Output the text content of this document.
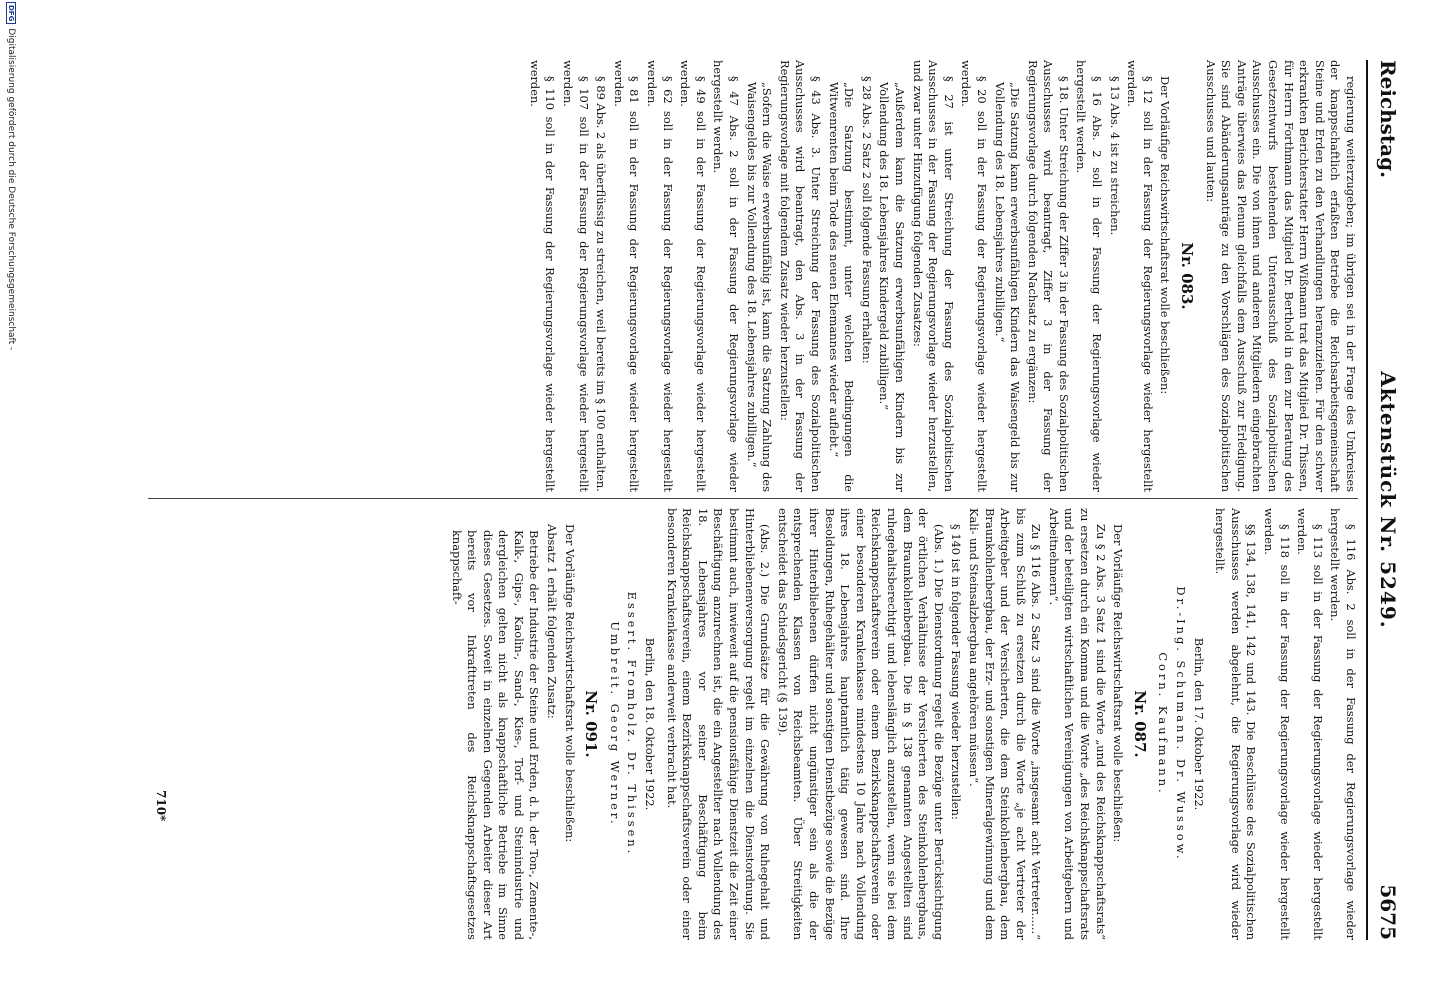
Reichstag.
Aktenstück Nr. 5249.
5675

regierung weiterzugeben; im übrigen sei in der Frage des Umkreises der knappschaftlich erfaßten Betriebe die Reichsarbeitsgemeinschaft Steine und Erden zu den Verhandlungen heranzuziehen. Für den schwer erkrankten Berichterstatter Herrn Wißmann trat das Mitglied Dr. Thissen, für Herrn Forthmann das Mitglied Dr. Berthold in den zur Beratung des Gesetzentwurfs bestehenden Unterausschuß des Sozialpolitischen Ausschusses ein. Die von ihnen und anderen Mitgliedern eingebrachten Anträge überwies das Plenum gleichfalls dem Ausschuß zur Erledigung. Sie sind Abänderungsanträge zu den Vorschlägen des Sozialpolitischen Ausschusses und lauten:

Nr. 083.

Der Vorläufige Reichswirtschaftsrat wolle beschließen:

§ 12 soll in der Fassung der Regierungsvorlage wieder hergestellt werden.

§ 13 Abs. 4 ist zu streichen.

§ 16 Abs. 2 soll in der Fassung der Regierungsvorlage wieder hergestellt werden.

§ 18. Unter Streichung der Ziffer 3 in der Fassung des Sozialpolitischen Ausschusses wird beantragt, Ziffer 3 in der Fassung der Regierungsvorlage durch folgenden Nachsatz zu ergänzen:

„Die Satzung kann erwerbsunfähigen Kindern das Waisengeld bis zur Vollendung des 18. Lebensjahres zubilligen.“

§ 20 soll in der Fassung der Regierungsvorlage wieder hergestellt werden.

§ 27 ist unter Streichung der Fassung des Sozialpolitischen Ausschusses in der Fassung der Regierungsvorlage wieder herzustellen, und zwar unter Hinzufügung folgenden Zusatzes:

„Außerdem kann die Satzung erwerbsunfähigen Kindern bis zur Vollendung des 18. Lebensjahres Kindergeld zubilligen.“

§ 28 Abs. 2 Satz 2 soll folgende Fassung erhalten:

„Die Satzung bestimmt, unter welchen Bedingungen die Witwenrenten beim Tode des neuen Ehemannes wieder auflebt.“

§ 43 Abs. 3. Unter Streichung der Fassung des Sozialpolitischen Ausschusses wird beantragt, den Abs. 3 in der Fassung der Regierungsvorlage mit folgendem Zusatz wieder herzustellen:

„Sofern die Waise erwerbsunfähig ist, kann die Satzung Zahlung des Waisengeldes bis zur Vollendung des 18. Lebensjahres zubilligen.“

§ 47 Abs. 2 soll in der Fassung der Regierungsvorlage wieder hergestellt werden.

§ 49 soll in der Fassung der Regierungsvorlage wieder hergestellt werden.

§ 62 soll in der Fassung der Regierungsvorlage wieder hergestellt werden.

§ 81 soll in der Fassung der Regierungsvorlage wieder hergestellt werden.

§ 89 Abs. 2 als überflüssig zu streichen, weil bereits im § 100 enthalten.

§ 107 soll in der Fassung der Regierungsvorlage wieder hergestellt werden.

§ 110 soll in der Fassung der Regierungsvorlage wieder hergestellt werden.

§ 116 Abs. 2 soll in der Fassung der Regierungsvorlage wieder hergestellt werden.

§ 113 soll in der Fassung der Regierungsvorlage wieder hergestellt werden.

§ 118 soll in der Fassung der Regierungsvorlage wieder hergestellt werden.

§§ 134, 138, 141, 142 und 143. Die Beschlüsse des Sozialpolitischen Ausschusses werden abgelehnt, die Regierungsvorlage wird wieder hergestellt.

Berlin, den 17. Oktober 1922.

Dr.-Ing. Schumann. Dr. Wussow.

Corn. Kaufmann.

Nr. 087.

Der Vorläufige Reichswirtschaftsrat wolle beschließen:

Zu § 2 Abs. 3 Satz 1 sind die Worte „und des Reichsknappschaftsrats“ zu ersetzen durch ein Komma und die Worte „des Reichsknappschaftsrats und der beteiligten wirtschaftlichen Vereinigungen von Arbeitgebern und Arbeitnehmern“.

Zu § 116 Abs. 2 Satz 3 sind die Worte „insgesamt acht Vertreter......“ bis zum Schluß zu ersetzen durch die Worte „je acht Vertreter der Arbeitgeber und der Versicherten, die dem Steinkohlenbergbau, dem Braunkohlenbergbau, der Erz- und sonstigen Mineralgewinnung und dem Kali- und Steinsalzbergbau angehören müssen“.

§ 140 ist in folgender Fassung wieder herzustellen:

(Abs. 1.) Die Dienstordnung regelt die Bezüge unter Berücksichtigung der örtlichen Verhältnisse der Versicherten des Steinkohlenbergbaus, dem Braunkohlenbergbau. Die in § 138 genannten Angestellten sind ruhegehaltsberechtigt und lebenslänglich anzustellen, wenn sie bei dem Reichsknappschaftsverein oder einem Bezirksknappschaftsverein oder einer besonderen Krankenkasse mindestens 10 Jahre nach Vollendung ihres 18. Lebensjahres hauptamtlich tätig gewesen sind. Ihre Besoldungen, Ruhegehälter und sonstigen Dienstbezüge sowie die Bezüge ihrer Hinterbliebenen dürfen nicht ungünstiger sein als die der entsprechenden Klassen von Reichsbeamten. Über Streitigkeiten entscheidet das Schiedsgericht (§ 139).

(Abs. 2.) Die Grundsätze für die Gewährung von Ruhegehalt und Hinterbliebenenversorgung regelt im einzelnen die Dienstordnung. Sie bestimmt auch, inwieweit auf die pensionsfähige Dienstzeit die Zeit einer Beschäftigung anzurechnen ist, die ein Angestellter nach Vollendung des 18. Lebensjahres vor seiner Beschäftigung beim Reichsknappschaftsverein, einem Bezirksknappschaftsverein oder einer besonderen Krankenkasse anderweit verbracht hat.

Berlin, den 18. Oktober 1922.

Essert. Fromholz. Dr. Thissen.

Umbreit. Georg Werner.

Nr. 091.

Der Vorläufige Reichswirtschaftsrat wolle beschließen:

Absatz 1 erhält folgenden Zusatz:

Betriebe der Industrie der Steine und Erden, d. h. der Ton-, Zemente-, Kalk-, Gips-, Kaolin-, Sand-, Kies-, Torf- und Steinindustrie und dergleichen gelten nicht als knappschaftliche Betriebe im Sinne dieses Gesetzes. Soweit in einzelnen Gegenden Arbeiter dieser Art bereits vor Inkrafttreten des Reichsknappschaftsgesetzes knappschaft-

710*
DFGDigitalisierung gefördert durch die Deutsche Forschungsgemeinschaft -
